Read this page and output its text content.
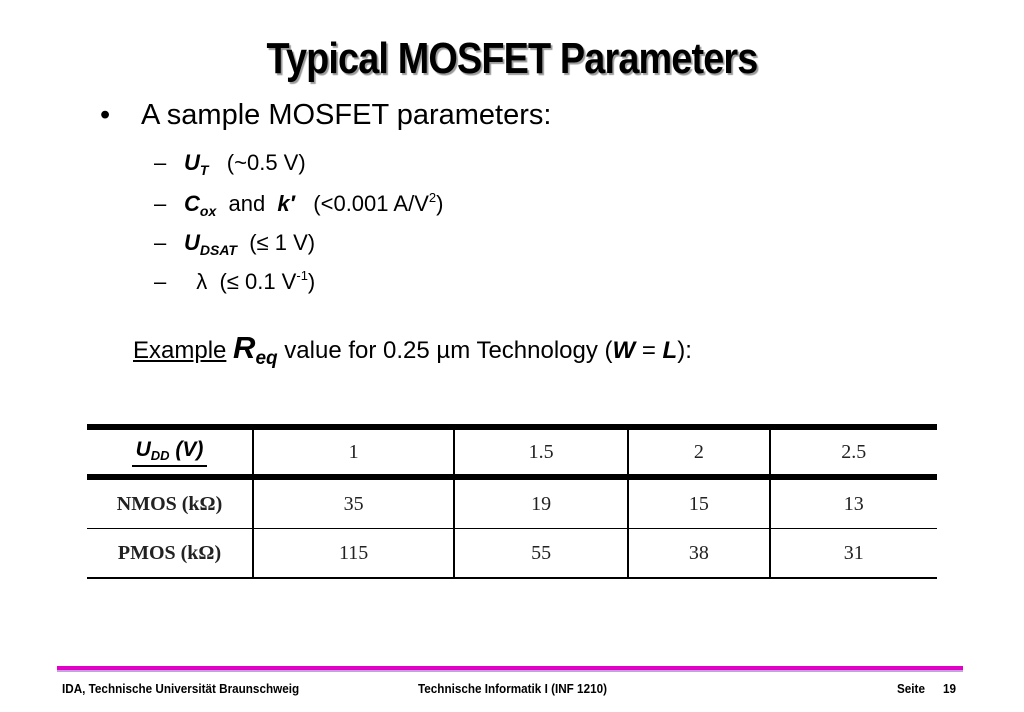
Typical MOSFET Parameters
• A sample MOSFET parameters:
– $U_T$ (~0.5 V)
– $C_{ox}$ and k′ (<0.001 $A/V^2$)
– $U_{DSAT}$ (≤ 1 V)
– λ (≤ 0.1 $V^{-1}$)
Example $R_{eq}$ value for 0.25 µm Technology (W = L):
$U_{DD}$ (V)	1	1.5	2	2.5
NMOS (kΩ)	35	19	15	13
PMOS (kΩ)	115	55	38	31
IDA, Technische Universität Braunschweig	Technische Informatik I (INF 1210)	Seite 19
